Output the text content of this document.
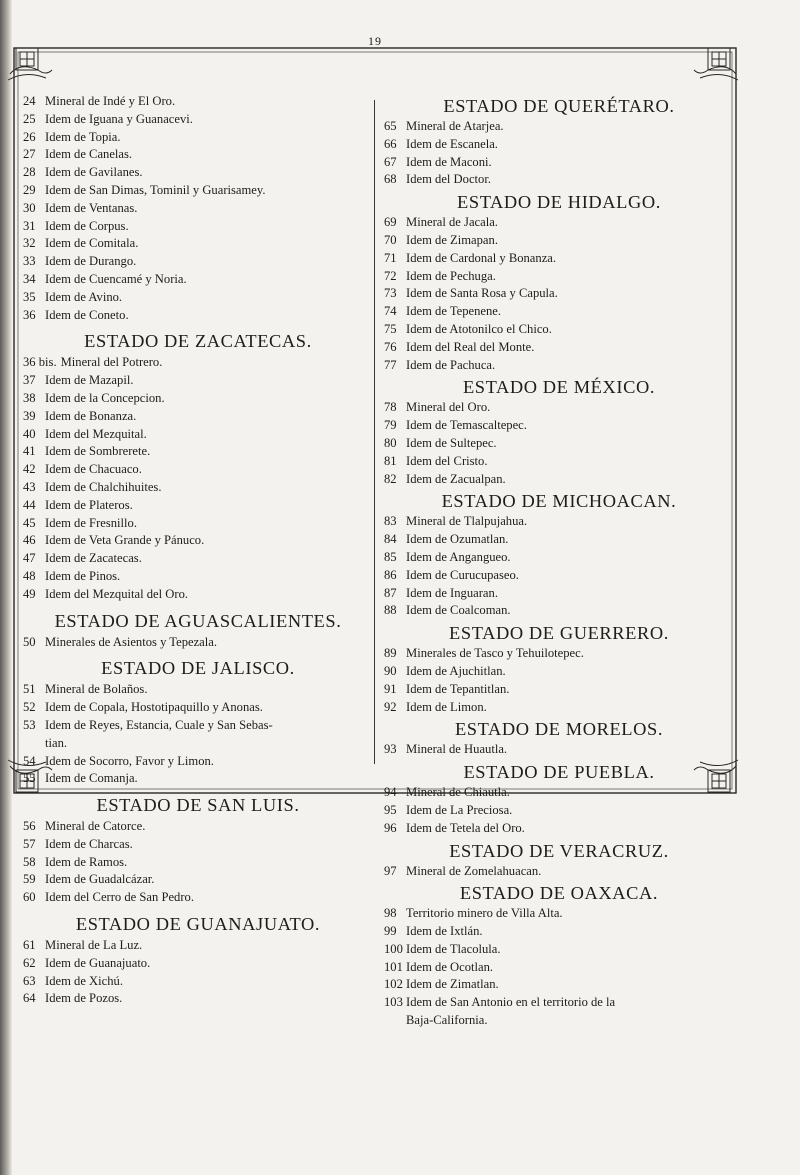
19
24 Mineral de Indé y El Oro.
25 Idem de Iguana y Guanacevi.
26 Idem de Topia.
27 Idem de Canelas.
28 Idem de Gavilanes.
29 Idem de San Dimas, Tominil y Guarisamey.
30 Idem de Ventanas.
31 Idem de Corpus.
32 Idem de Comitala.
33 Idem de Durango.
34 Idem de Cuencamé y Noria.
35 Idem de Avino.
36 Idem de Coneto.
ESTADO DE ZACATECAS.
36 bis. Mineral del Potrero.
37 Idem de Mazapil.
38 Idem de la Concepcion.
39 Idem de Bonanza.
40 Idem del Mezquital.
41 Idem de Sombrerete.
42 Idem de Chacuaco.
43 Idem de Chalchihuites.
44 Idem de Plateros.
45 Idem de Fresnillo.
46 Idem de Veta Grande y Pánuco.
47 Idem de Zacatecas.
48 Idem de Pinos.
49 Idem del Mezquital del Oro.
ESTADO DE AGUASCALIENTES.
50 Minerales de Asientos y Tepezala.
ESTADO DE JALISCO.
51 Mineral de Bolaños.
52 Idem de Copala, Hostotipaquillo y Anonas.
53 Idem de Reyes, Estancia, Cuale y San Sebas-
tian.
54 Idem de Socorro, Favor y Limon.
55 Idem de Comanja.
ESTADO DE SAN LUIS.
56 Mineral de Catorce.
57 Idem de Charcas.
58 Idem de Ramos.
59 Idem de Guadalcázar.
60 Idem del Cerro de San Pedro.
ESTADO DE GUANAJUATO.
61 Mineral de La Luz.
62 Idem de Guanajuato.
63 Idem de Xichú.
64 Idem de Pozos.
ESTADO DE QUERÉTARO.
65 Mineral de Atarjea.
66 Idem de Escanela.
67 Idem de Maconi.
68 Idem del Doctor.
ESTADO DE HIDALGO.
69 Mineral de Jacala.
70 Idem de Zimapan.
71 Idem de Cardonal y Bonanza.
72 Idem de Pechuga.
73 Idem de Santa Rosa y Capula.
74 Idem de Tepenene.
75 Idem de Atotonilco el Chico.
76 Idem del Real del Monte.
77 Idem de Pachuca.
ESTADO DE MÉXICO.
78 Mineral del Oro.
79 Idem de Temascaltepec.
80 Idem de Sultepec.
81 Idem del Cristo.
82 Idem de Zacualpan.
ESTADO DE MICHOACAN.
83 Mineral de Tlalpujahua.
84 Idem de Ozumatlan.
85 Idem de Angangueo.
86 Idem de Curucupaseo.
87 Idem de Inguaran.
88 Idem de Coalcoman.
ESTADO DE GUERRERO.
89 Minerales de Tasco y Tehuilotepec.
90 Idem de Ajuchitlan.
91 Idem de Tepantitlan.
92 Idem de Limon.
ESTADO DE MORELOS.
93 Mineral de Huautla.
ESTADO DE PUEBLA.
94 Mineral de Chiautla.
95 Idem de La Preciosa.
96 Idem de Tetela del Oro.
ESTADO DE VERACRUZ.
97 Mineral de Zomelahuacan.
ESTADO DE OAXACA.
98 Territorio minero de Villa Alta.
99 Idem de Ixtlán.
100 Idem de Tlacolula.
101 Idem de Ocotlan.
102 Idem de Zimatlan.
103 Idem de San Antonio en el territorio de la
Baja-California.
